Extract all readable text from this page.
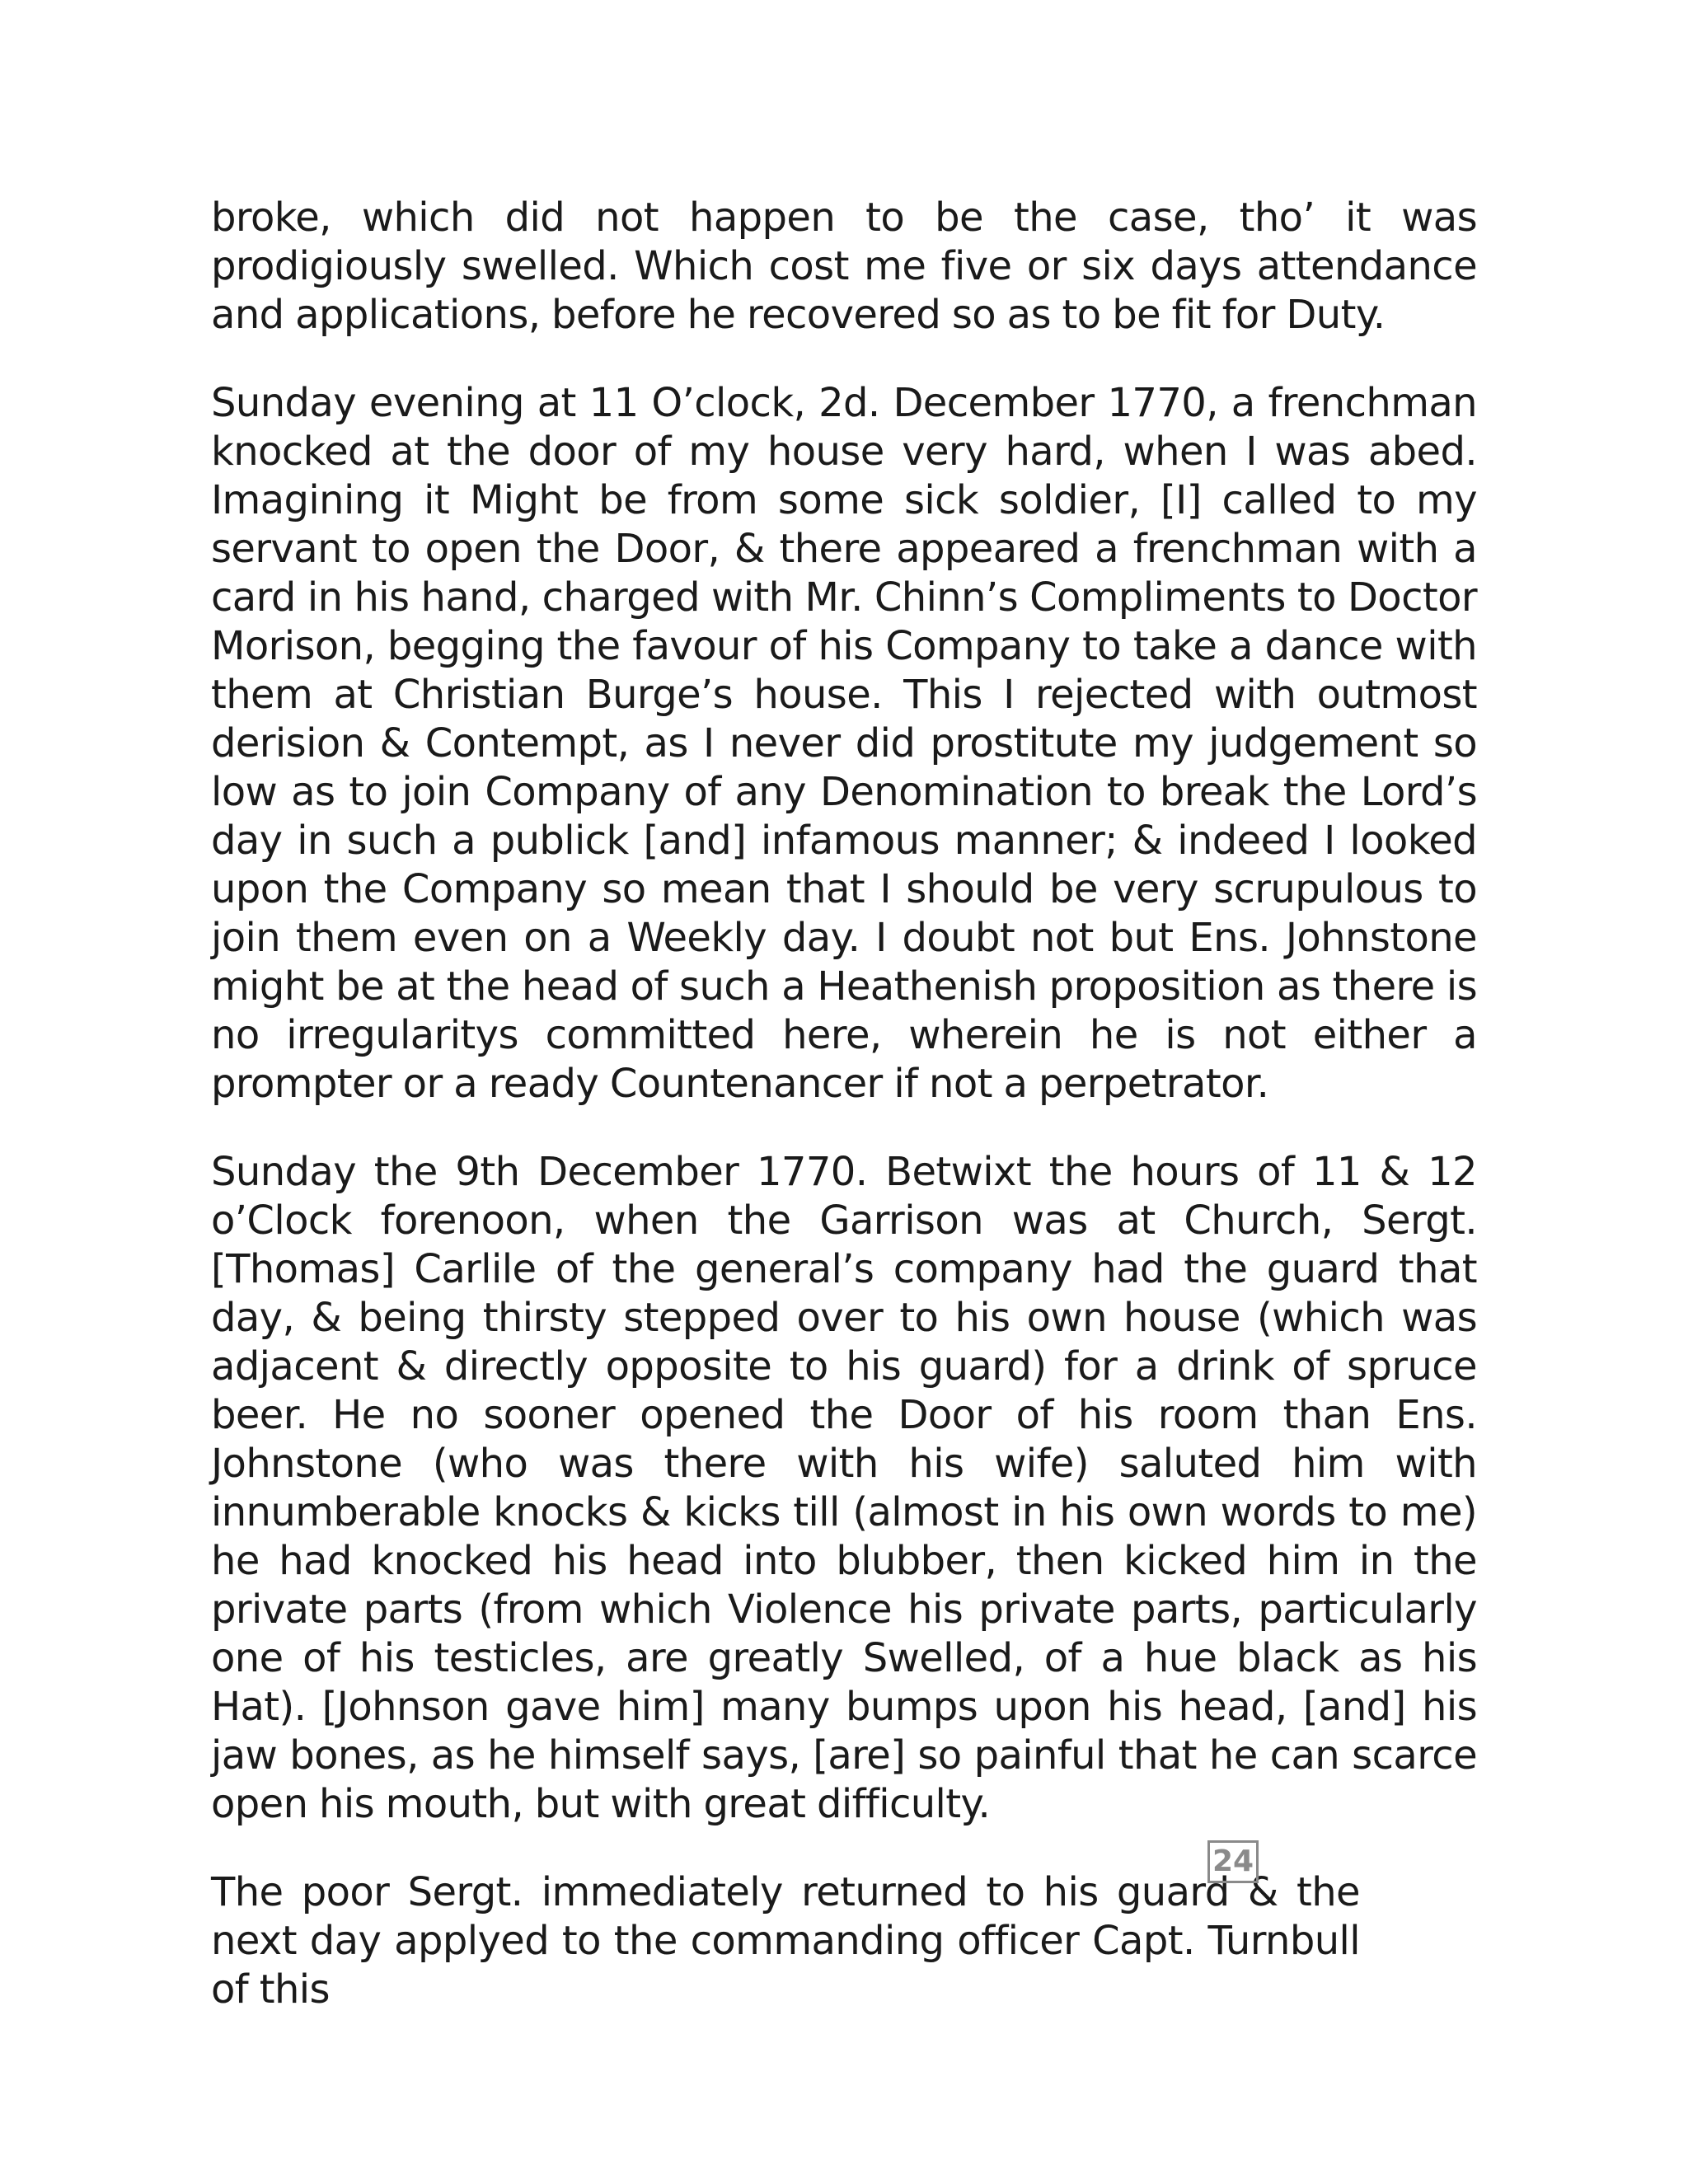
broke, which did not happen to be the case, tho’ it was prodigiously swelled. Which cost me five or six days attendance and applications, before he recovered so as to be fit for Duty.

Sunday evening at 11 O’clock, 2d. December 1770, a frenchman knocked at the door of my house very hard, when I was abed. Imagining it Might be from some sick soldier, [I] called to my servant to open the Door, & there appeared a frenchman with a card in his hand, charged with Mr. Chinn’s Compliments to Doctor Morison, begging the favour of his Company to take a dance with them at Christian Burge’s house. This I rejected with outmost derision & Contempt, as I never did prostitute my judgement so low as to join Company of any Denomination to break the Lord’s day in such a publick [and] infamous manner; & indeed I looked upon the Company so mean that I should be very scrupulous to join them even on a Weekly day. I doubt not but Ens. Johnstone might be at the head of such a Heathenish proposition as there is no irregularitys committed here, wherein he is not either a prompter or a ready Countenancer if not a perpetrator.

Sunday the 9th December 1770. Betwixt the hours of 11 & 12 o’Clock forenoon, when the Garrison was at Church, Sergt. [Thomas] Carlile of the general’s company had the guard that day, & being thirsty stepped over to his own house (which was adjacent & directly opposite to his guard) for a drink of spruce beer. He no sooner opened the Door of his room than Ens. Johnstone (who was there with his wife) saluted him with innumberable knocks & kicks till (almost in his own words to me) he had knocked his head into blubber, then kicked him in the private parts (from which Violence his private parts, particularly one of his testicles, are greatly Swelled, of a hue black as his Hat). [Johnson gave him] many bumps upon his head, [and] his jaw bones, as he himself says, [are] so painful that he can scarce open his mouth, but with great difficulty.

The poor Sergt. immediately returned to his guard & the next day applyed to the commanding officer Capt. Turnbull of this

24
